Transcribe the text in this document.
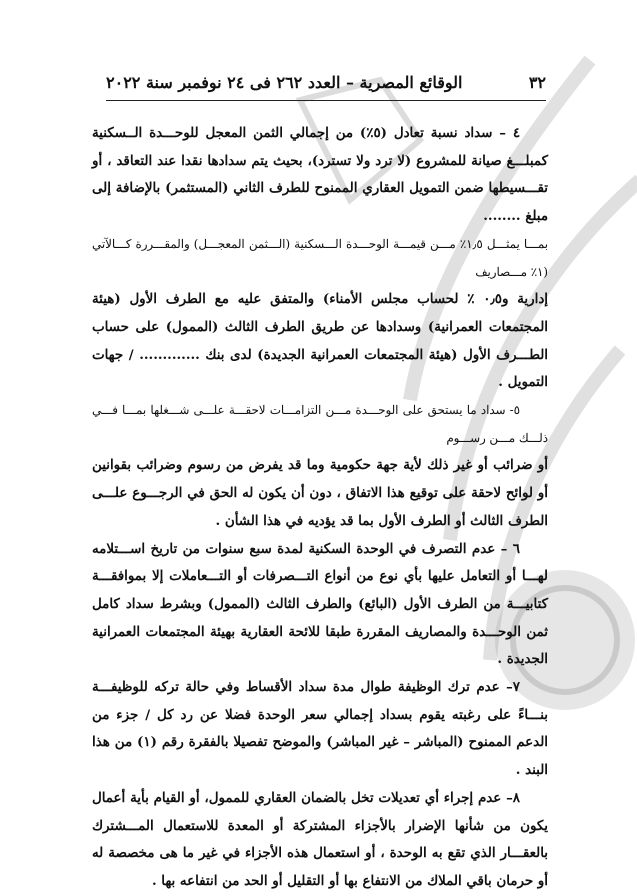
٣٢
الوقائع المصرية – العدد ٢٦٢ فى ٢٤ نوفمبر سنة ٢٠٢٢

٤ – سداد نسبة تعادل (٥٪) من إجمالي الثمن المعجل للوحـــدة الــسكنية كمبلـــغ صيانة للمشروع (لا ترد ولا تسترد)، بحيث يتم سدادها نقدا عند التعاقد ، أو تقـــسيطها ضمن التمويل العقاري الممنوح للطرف الثاني (المستثمر) بالإضافة إلى مبلغ ........

بمـــا يمثـــل ١٫٥٪ مـــن قيمـــة الوحـــدة الـــسكنية (الـــثمن المعجـــل) والمقـــررة كـــالآتي (١٪ مـــصاريف

إدارية و٠٫٥ ٪ لحساب مجلس الأمناء) والمتفق عليه مع الطرف الأول (هيئة المجتمعات العمرانية) وسدادها عن طريق الطرف الثالث (الممول) على حساب الطـــرف الأول (هيئة المجتمعات العمرانية الجديدة) لدى بنك ............. / جهات التمويل .

٥- سداد ما يستحق على الوحـــدة مـــن التزامـــات لاحقـــة علـــى شـــغلها بمـــا فـــي ذلـــك مـــن رســـوم

أو ضرائب أو غير ذلك لأية جهة حكومية وما قد يفرض من رسوم وضرائب بقوانين أو لوائح لاحقة على توقيع هذا الاتفاق ، دون أن يكون له الحق في الرجـــوع علـــى الطرف الثالث أو الطرف الأول بما قد يؤديه في هذا الشأن .

٦ – عدم التصرف في الوحدة السكنية لمدة سبع سنوات من تاريخ اســـتلامه لهـــا أو التعامل عليها بأي نوع من أنواع التـــصرفات أو التـــعاملات إلا بموافقـــة كتابيـــة من الطرف الأول (البائع) والطرف الثالث (الممول) وبشرط سداد كامل ثمن الوحـــدة والمصاريف المقررة طبقا للائحة العقارية بهيئة المجتمعات العمرانية الجديدة .

٧– عدم ترك الوظيفة طوال مدة سداد الأقساط وفي حالة تركه للوظيفـــة بنـــاءً على رغبته يقوم بسداد إجمالي سعر الوحدة فضلا عن رد كل / جزء من الدعم الممنوح (المباشر – غير المباشر) والموضح تفصيلا بالفقرة رقم (١) من هذا البند .

٨– عدم إجراء أي تعديلات تخل بالضمان العقاري للممول، أو القيام بأية أعمال يكون من شأنها الإضرار بالأجزاء المشتركة أو المعدة للاستعمال المـــشترك بالعقـــار الذي تقع به الوحدة ، أو استعمال هذه الأجزاء في غير ما هى مخصصة له أو حرمان باقي الملاك من الانتفاع بها أو التقليل أو الحد من انتفاعه بها .
